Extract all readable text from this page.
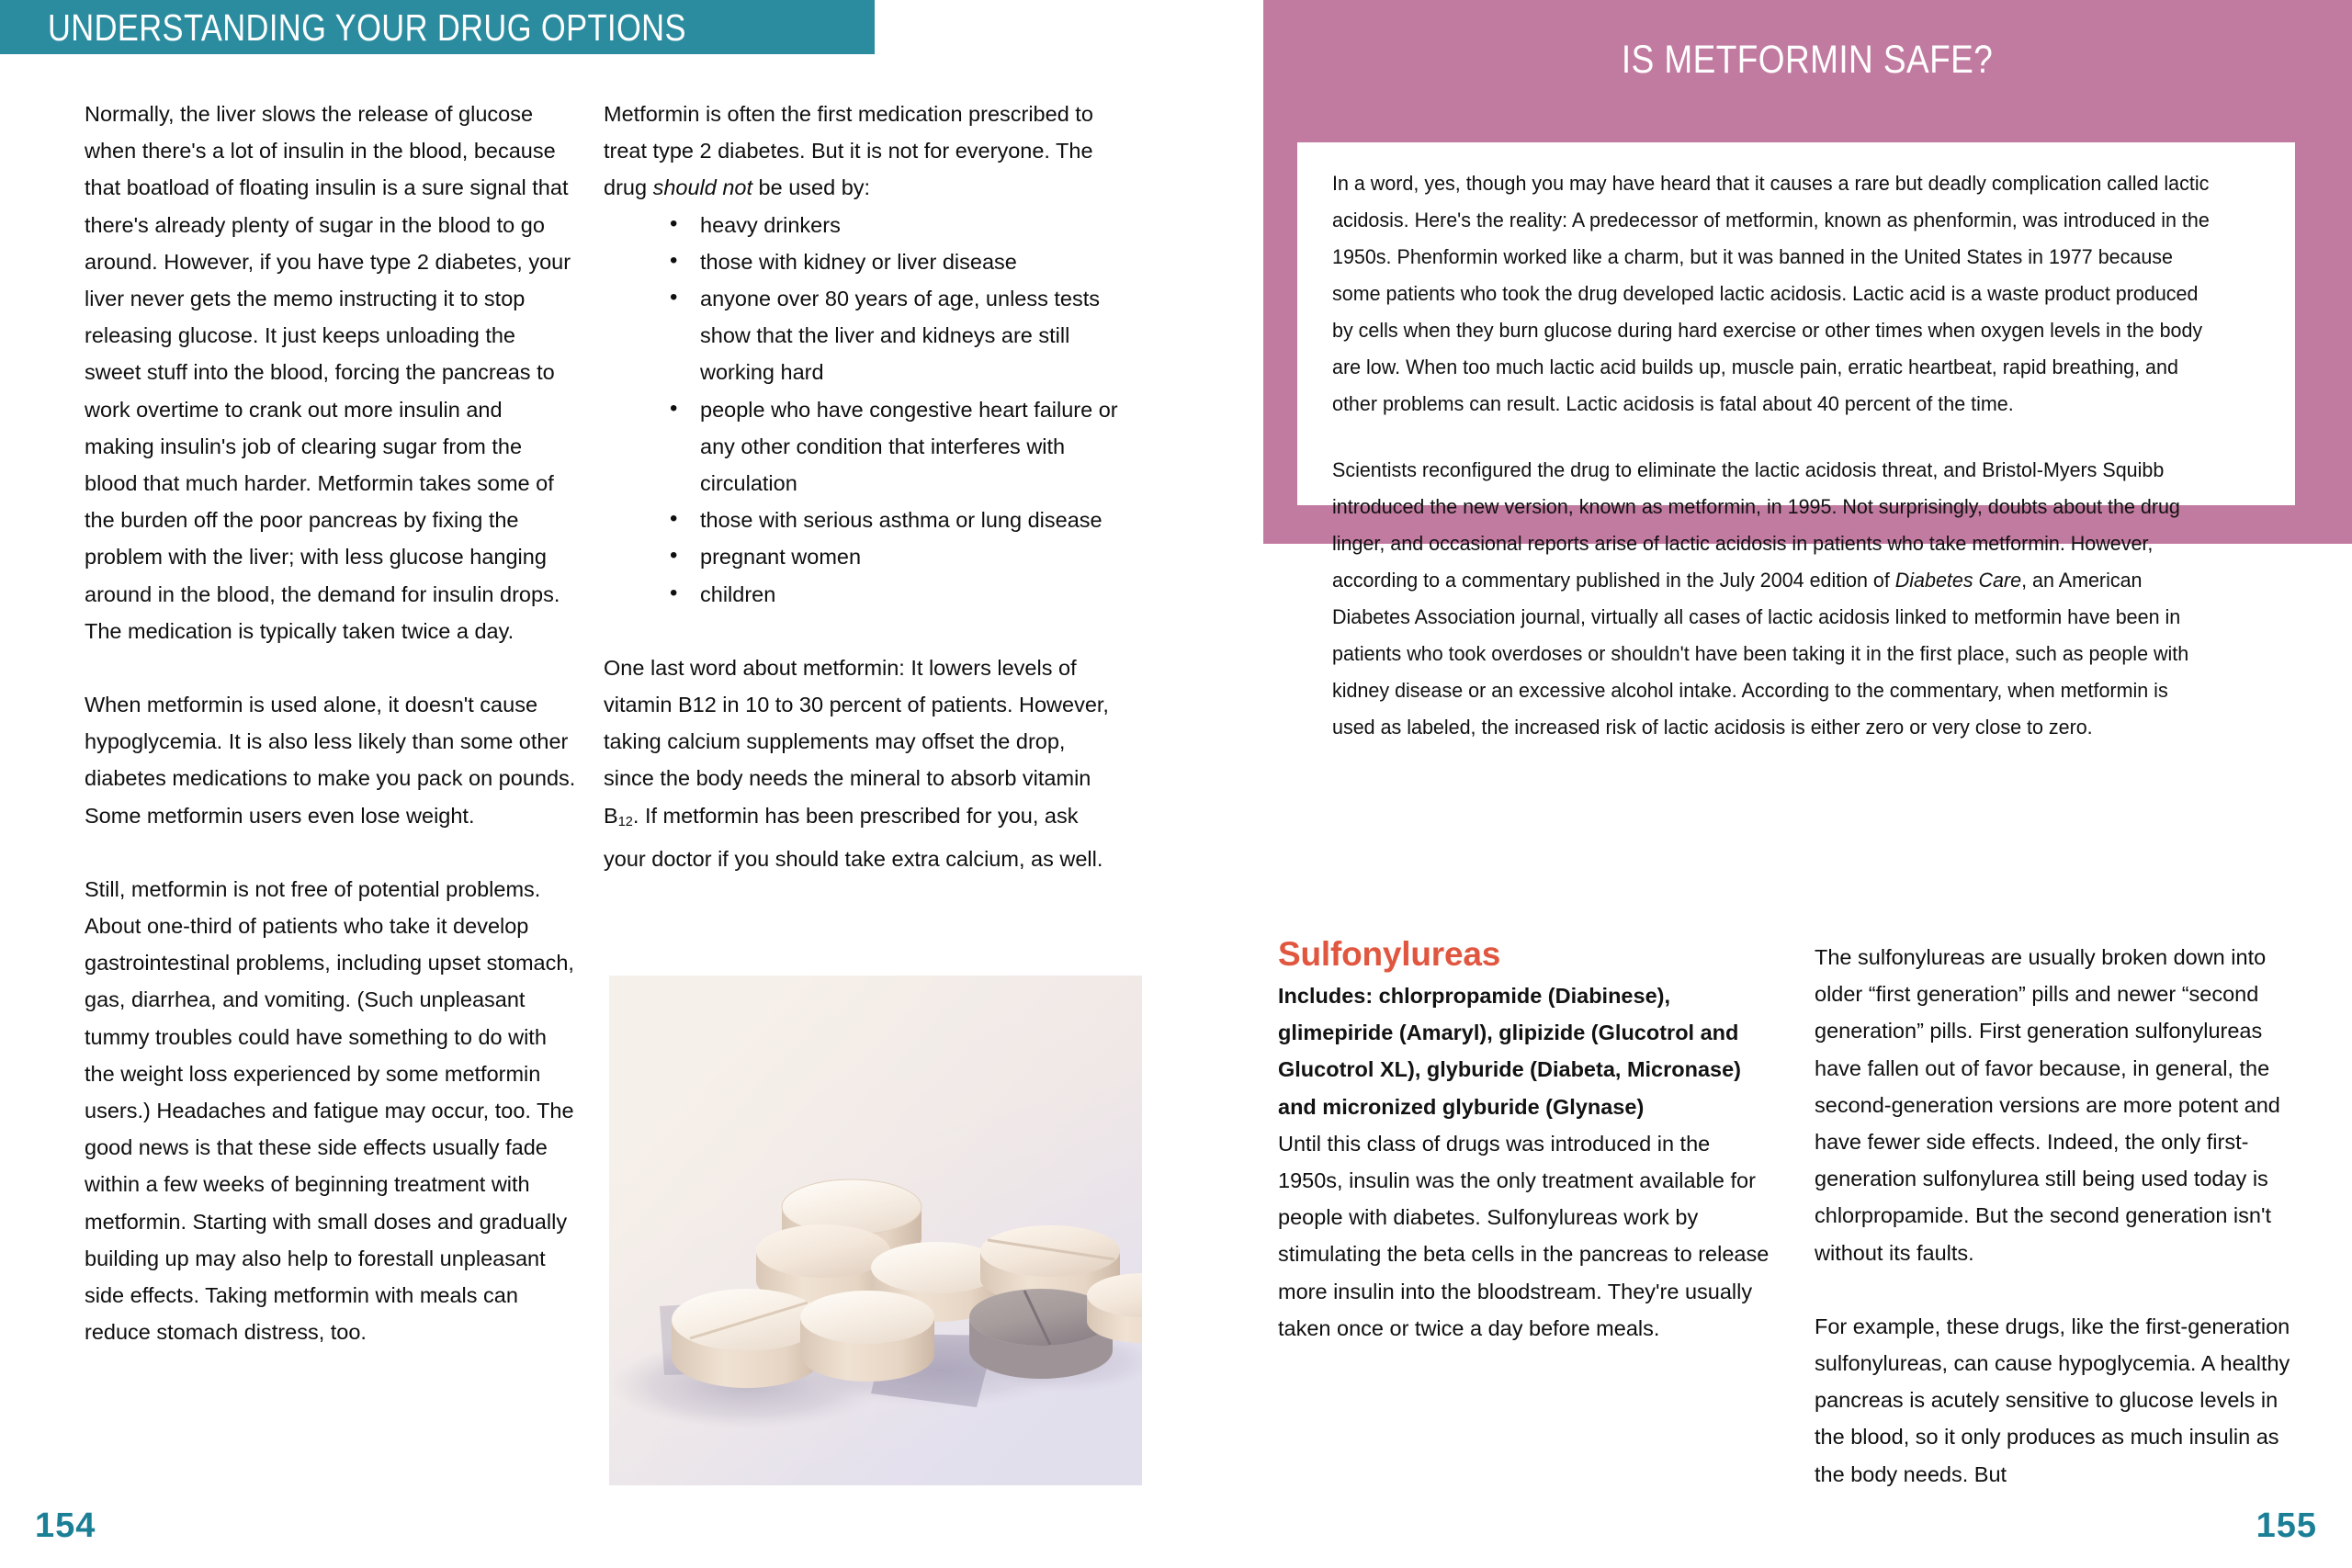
UNDERSTANDING YOUR DRUG OPTIONS

Normally, the liver slows the release of glucose when there's a lot of insulin in the blood, because that boatload of floating insulin is a sure signal that there's already plenty of sugar in the blood to go around. However, if you have type 2 diabetes, your liver never gets the memo instructing it to stop releasing glucose. It just keeps unloading the sweet stuff into the blood, forcing the pancreas to work overtime to crank out more insulin and making insulin's job of clearing sugar from the blood that much harder. Metformin takes some of the burden off the poor pancreas by fixing the problem with the liver; with less glucose hanging around in the blood, the demand for insulin drops. The medication is typically taken twice a day.

When metformin is used alone, it doesn't cause hypoglycemia. It is also less likely than some other diabetes medications to make you pack on pounds. Some metformin users even lose weight.

Still, metformin is not free of potential problems. About one-third of patients who take it develop gastrointestinal problems, including upset stomach, gas, diarrhea, and vomiting. (Such unpleasant tummy troubles could have something to do with the weight loss experienced by some metformin users.) Headaches and fatigue may occur, too. The good news is that these side effects usually fade within a few weeks of beginning treatment with metformin. Starting with small doses and gradually building up may also help to forestall unpleasant side effects. Taking metformin with meals can reduce stomach distress, too.

Metformin is often the first medication prescribed to treat type 2 diabetes. But it is not for everyone. The drug should not be used by:

• heavy drinkers
• those with kidney or liver disease
• anyone over 80 years of age, unless tests show that the liver and kidneys are still working hard
• people who have congestive heart failure or any other condition that interferes with circulation
• those with serious asthma or lung disease
• pregnant women
• children

One last word about metformin: It lowers levels of vitamin B12 in 10 to 30 percent of patients. However, taking calcium supplements may offset the drop, since the body needs the mineral to absorb vitamin $B_{12}$. If metformin has been prescribed for you, ask your doctor if you should take extra calcium, as well.

154
IS METFORMIN SAFE?

In a word, yes, though you may have heard that it causes a rare but deadly complication called lactic acidosis. Here's the reality: A predecessor of metformin, known as phenformin, was introduced in the 1950s. Phenformin worked like a charm, but it was banned in the United States in 1977 because some patients who took the drug developed lactic acidosis. Lactic acid is a waste product produced by cells when they burn glucose during hard exercise or other times when oxygen levels in the body are low. When too much lactic acid builds up, muscle pain, erratic heartbeat, rapid breathing, and other problems can result. Lactic acidosis is fatal about 40 percent of the time.

Scientists reconfigured the drug to eliminate the lactic acidosis threat, and Bristol-Myers Squibb introduced the new version, known as metformin, in 1995. Not surprisingly, doubts about the drug linger, and occasional reports arise of lactic acidosis in patients who take metformin. However, according to a commentary published in the July 2004 edition of Diabetes Care, an American Diabetes Association journal, virtually all cases of lactic acidosis linked to metformin have been in patients who took overdoses or shouldn't have been taking it in the first place, such as people with kidney disease or an excessive alcohol intake. According to the commentary, when metformin is used as labeled, the increased risk of lactic acidosis is either zero or very close to zero.

Sulfonylureas

Includes: chlorpropamide (Diabinese), glimepiride (Amaryl), glipizide (Glucotrol and Glucotrol XL), glyburide (Diabeta, Micronase) and micronized glyburide (Glynase)

Until this class of drugs was introduced in the 1950s, insulin was the only treatment available for people with diabetes. Sulfonylureas work by stimulating the beta cells in the pancreas to release more insulin into the bloodstream. They're usually taken once or twice a day before meals.

The sulfonylureas are usually broken down into older “first generation” pills and newer “second generation” pills. First generation sulfonylureas have fallen out of favor because, in general, the second-generation versions are more potent and have fewer side effects. Indeed, the only first-generation sulfonylurea still being used today is chlorpropamide. But the second generation isn't without its faults.

For example, these drugs, like the first-generation sulfonylureas, can cause hypoglycemia. A healthy pancreas is acutely sensitive to glucose levels in the blood, so it only produces as much insulin as the body needs. But

155
